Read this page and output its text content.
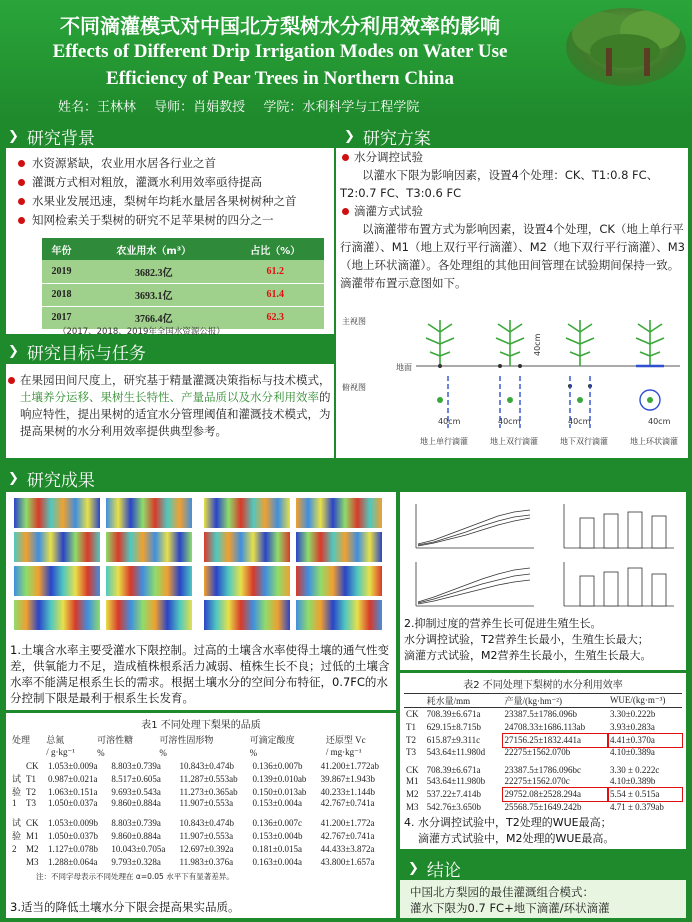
不同滴灌模式对中国北方梨树水分利用效率的影响
Effects of Different Drip Irrigation Modes on Water Use
Efficiency of Pear Trees in Northern China
姓名：王林林 导师：肖娟教授 学院：水利科学与工程学院
❯ 研究背景
水资源紧缺，农业用水居各行业之首
灌溉方式相对粗放，灌溉水利用效率亟待提高
水果业发展迅速，梨树年均耗水量居各果树树种之首
知网检索关于梨树的研究不足苹果树的四分之一
年份	农业用水（m³）	占比（%）
2019	3682.3亿	61.2
2018	3693.1亿	61.4
2017	3766.4亿	62.3
（2017、2018、2019年全国水资源公报）
❯ 研究目标与任务
在果园田间尺度上，研究基于精量灌溉决策指标与技术模式，土壤养分运移、果树生长特性、产量品质以及水分利用效率的响应特性，提出果树的适宜水分管理阈值和灌溉技术模式，为提高果树的水分利用效率提供典型参考。
❯ 研究方案
水分调控试验
以灌水下限为影响因素，设置4个处理：CK、T1:0.8 FC、T2:0.7 FC、T3:0.6 FC
滴灌方式试验
以滴灌带布置方式为影响因素，设置4个处理，CK（地上单行平行滴灌）、M1（地上双行平行滴灌）、M2（地下双行平行滴灌）、M3（地上环状滴灌）。各处理组的其他田间管理在试验期间保持一致。滴灌带布置示意图如下。
主视图
俯视图
地面
40cm
40cm	40cm	40cm	40cm
地上单行滴灌	地上双行滴灌	地下双行滴灌	地上环状滴灌
❯ 研究成果
1.土壤含水率主要受灌水下限控制。过高的土壤含水率使得土壤的通气性变差，供氧能力不足，造成植株根系活力减弱、植株生长不良；过低的土壤含水率不能满足根系生长的需求。根据土壤水分的空间分布特征，0.7FC的水分控制下限是最利于根系生长发育。
2.抑制过度的营养生长可促进生殖生长。
水分调控试验，T2营养生长最小，生殖生长最大；
滴灌方式试验，M2营养生长最小，生殖生长最大。
表1 不同处理下梨果的品质
处理	总氮	可溶性糖	可溶性固形物	可滴定酸度	还原型 Vc
	/ g·kg⁻¹	%	%	%	/ mg·kg⁻¹
	CK	1.053±0.009a	8.803±0.739a	10.843±0.474b	0.136±0.007b	41.200±1.772ab
试	T1	0.987±0.021a	8.517±0.605a	11.287±0.553ab	0.139±0.010ab	39.867±1.943b
验	T2	1.063±0.151a	9.693±0.543a	11.273±0.365ab	0.150±0.013ab	40.233±1.144b
1	T3	1.050±0.037a	9.860±0.884a	11.907±0.553a	0.153±0.004a	42.767±0.741a
试	CK	1.053±0.009b	8.803±0.739a	10.843±0.474b	0.136±0.007c	41.200±1.772a
验	M1	1.050±0.037b	9.860±0.884a	11.907±0.553a	0.153±0.004b	42.767±0.741a
2	M2	1.127±0.078b	10.043±0.705a	12.697±0.392a	0.181±0.015a	44.433±3.872a
	M3	1.288±0.064a	9.793±0.328a	11.983±0.376a	0.163±0.004a	43.800±1.657a
注：不同字母表示不同处理在 α=0.05 水平下有显著差异。
3.适当的降低土壤水分下限会提高果实品质。
表2 不同处理下梨树的水分利用效率
	耗水量/mm	产量/(kg·hm⁻²)	WUE/(kg·m⁻³)
CK	708.39±6.671a	23387.5±1786.096b	3.30±0.222b
T1	629.15±8.715b	24708.33±1686.113ab	3.93±0.283a
T2	615.87±9.311c	27156.25±1832.441a	4.41±0.370a
T3	543.64±11.980d	22275±1562.070b	4.10±0.389a
CK	708.39±6.671a	23387.5±1786.096bc	3.30 ± 0.222c
M1	543.64±11.980b	22275±1562.070c	4.10±0.389b
M2	537.22±7.414b	29752.08±2528.294a	5.54 ± 0.515a
M3	542.76±3.650b	25568.75±1649.242b	4.71 ± 0.379ab
4. 水分调控试验中，T2处理的WUE最高；
滴灌方式试验中，M2处理的WUE最高。
❯ 结论
中国北方梨园的最佳灌溉组合模式：
灌水下限为0.7 FC+地下滴灌/环状滴灌
